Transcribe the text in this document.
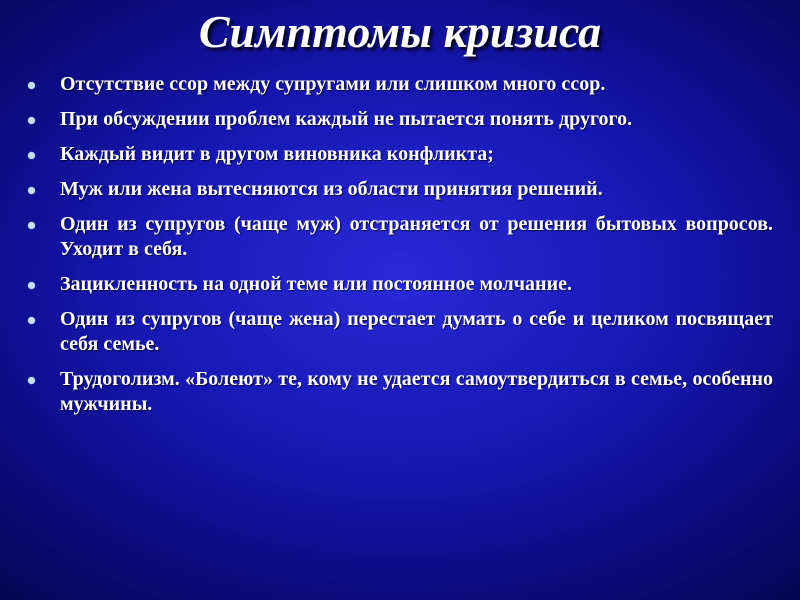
Симптомы кризиса
Отсутствие ссор между супругами или слишком много ссор.
При обсуждении проблем каждый не пытается понять другого.
Каждый видит в другом виновника конфликта;
Муж или жена вытесняются из области принятия решений.
Один из супругов (чаще муж) отстраняется от решения бытовых вопросов. Уходит в себя.
Зацикленность на одной теме или постоянное молчание.
Один из супругов (чаще жена) перестает думать о себе и целиком посвящает себя семье.
Трудоголизм. «Болеют» те, кому не удается самоутвердиться в семье, особенно мужчины.
